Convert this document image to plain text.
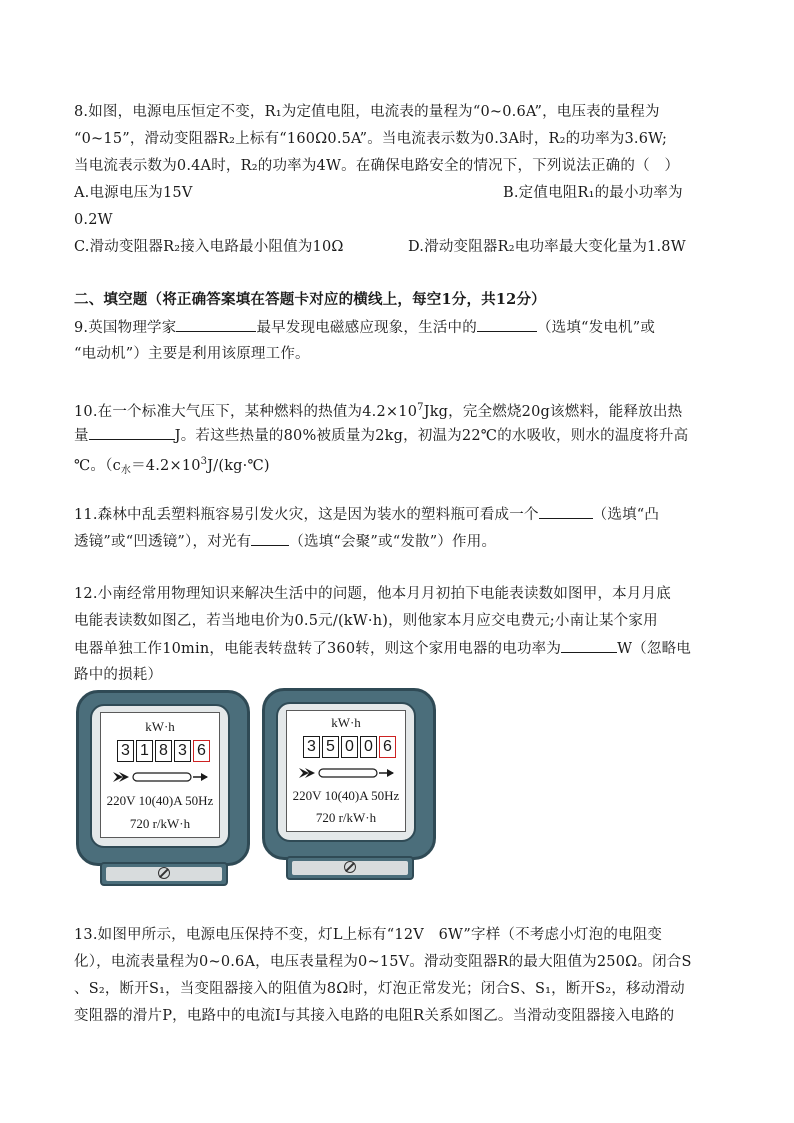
8.如图，电源电压恒定不变，R₁为定值电阻，电流表的量程为“0~0.6A”，电压表的量程为
“0~15”，滑动变阻器R₂上标有“160Ω0.5A”。当电流表示数为0.3A时，R₂的功率为3.6W;
当电流表示数为0.4A时，R₂的功率为4W。在确保电路安全的情况下，下列说法正确的（　）
A.电源电压为15V	B.定值电阻R₁的最小功率为
0.2W
C.滑动变阻器R₂接入电路最小阻值为10Ω	D.滑动变阻器R₂电功率最大变化量为1.8W
二、填空题（将正确答案填在答题卡对应的横线上，每空1分，共12分）
9.英国物理学家	最早发现电磁感应现象，生活中的	（选填“发电机”或
“电动机”）主要是利用该原理工作。
10.在一个标准大气压下，某种燃料的热值为$4.2\times 10^7Jkg$，完全燃烧20g该燃料，能释放出热
量	J。若这些热量的80%被质量为2kg，初温为22℃的水吸收，则水的温度将升高
℃。（$c_水=4.2\times 10^3J/(kg\cdot℃)$
11.森林中乱丢塑料瓶容易引发火灾，这是因为装水的塑料瓶可看成一个	（选填“凸
透镜”或“凹透镜”），对光有	（选填“会聚”或“发散”）作用。
12.小南经常用物理知识来解决生活中的问题，他本月月初拍下电能表读数如图甲，本月月底
电能表读数如图乙，若当地电价为0.5元/(kW·h)，则他家本月应交电费元;小南让某个家用
电器单独工作10min，电能表转盘转了360转，则这个家用电器的电功率为	W（忽略电
路中的损耗）
kW·h
3 1 8 3 6
220V 10(40)A 50Hz
720 r/kW·h
kW·h
3 5 0 0 6
220V 10(40)A 50Hz
720 r/kW·h
13.如图甲所示，电源电压保持不变，灯L上标有“12V　6W”字样（不考虑小灯泡的电阻变
化），电流表量程为0~0.6A，电压表量程为0~15V。滑动变阻器R的最大阻值为250Ω。闭合S
、S₂，断开S₁，当变阻器接入的阻值为8Ω时，灯泡正常发光；闭合S、S₁，断开S₂，移动滑动
变阻器的滑片P，电路中的电流I与其接入电路的电阻R关系如图乙。当滑动变阻器接入电路的
